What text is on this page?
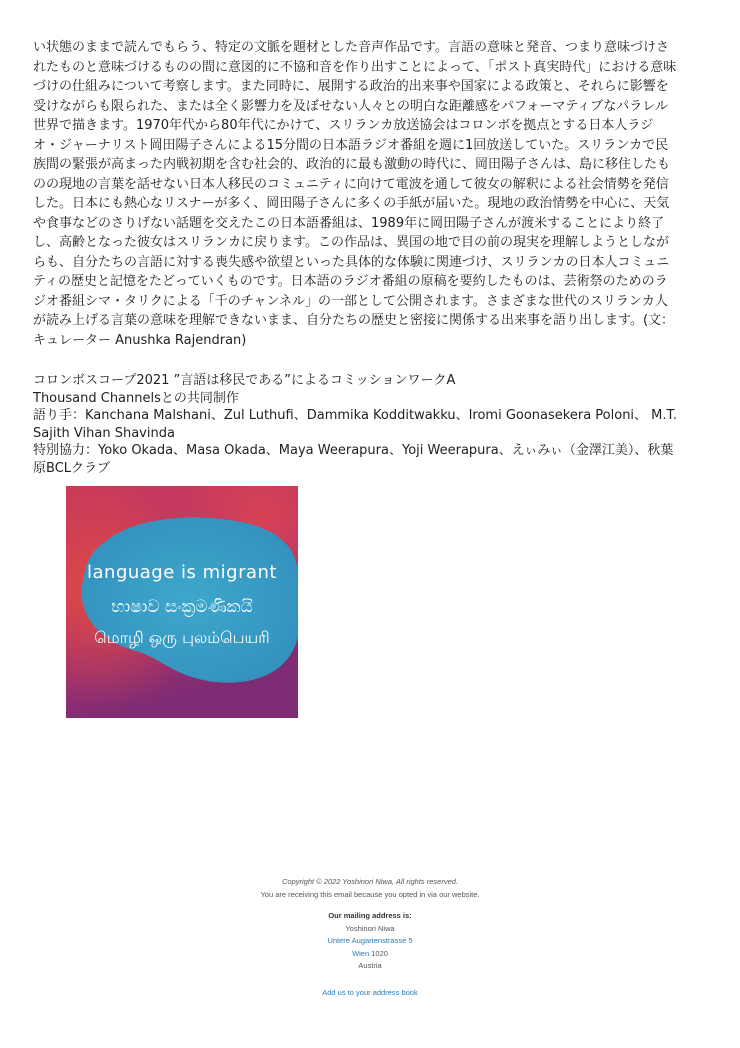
い状態のままで読んでもらう、特定の文脈を題材とした音声作品です。言語の意味と発音、つまり意味づけされたものと意味づけるものの間に意図的に不協和音を作り出すことによって、「ポスト真実時代」における意味づけの仕組みについて考察します。また同時に、展開する政治的出来事や国家による政策と、それらに影響を受けながらも限られた、または全く影響力を及ぼせない人々との明白な距離感をパフォーマティブなパラレル世界で描きます。1970年代から80年代にかけて、スリランカ放送協会はコロンボを拠点とする日本人ラジオ・ジャーナリスト岡田陽子さんによる15分間の日本語ラジオ番組を週に1回放送していた。スリランカで民族間の緊張が高まった内戦初期を含む社会的、政治的に最も激動の時代に、岡田陽子さんは、島に移住したものの現地の言葉を話せない日本人移民のコミュニティに向けて電波を通して彼女の解釈による社会情勢を発信した。日本にも熱心なリスナーが多く、岡田陽子さんに多くの手紙が届いた。現地の政治情勢を中心に、天気や食事などのさりげない話題を交えたこの日本語番組は、1989年に岡田陽子さんが渡米することにより終了し、高齢となった彼女はスリランカに戻ります。この作品は、異国の地で目の前の現実を理解しようとしながらも、自分たちの言語に対する喪失感や欲望といった具体的な体験に関連づけ、スリランカの日本人コミュニティの歴史と記憶をたどっていくものです。日本語のラジオ番組の原稿を要約したものは、芸術祭のためのラジオ番組シマ・タリクによる「千のチャンネル」の一部として公開されます。さまざまな世代のスリランカ人が読み上げる言葉の意味を理解できないまま、自分たちの歴史と密接に関係する出来事を語り出します。(文：キュレーター Anushka Rajendran)

コロンボスコープ2021 ”言語は移民である”によるコミッションワークA
Thousand Channelsとの共同制作
語り手：Kanchana Malshani、Zul Luthufi、Dammika Kodditwakku、Iromi Goonasekera Poloni、 M.T. Sajith Vihan Shavinda
特別協力：Yoko Okada、Masa Okada、Maya Weerapura、Yoji Weerapura、えぃみぃ（金澤江美）、秋葉原BCLクラブ
language is migrant
භාෂාව සංක්‍රමණිකයි
மொழி ஒரு புலம்பெயரி
Copyright © 2022 Yoshinori Niwa, All rights reserved.
You are receiving this email because you opted in via our website.
Our mailing address is:
Yoshinori Niwa
Untere Augartenstrasse 5
Wien 1020
Austria
Add us to your address book
